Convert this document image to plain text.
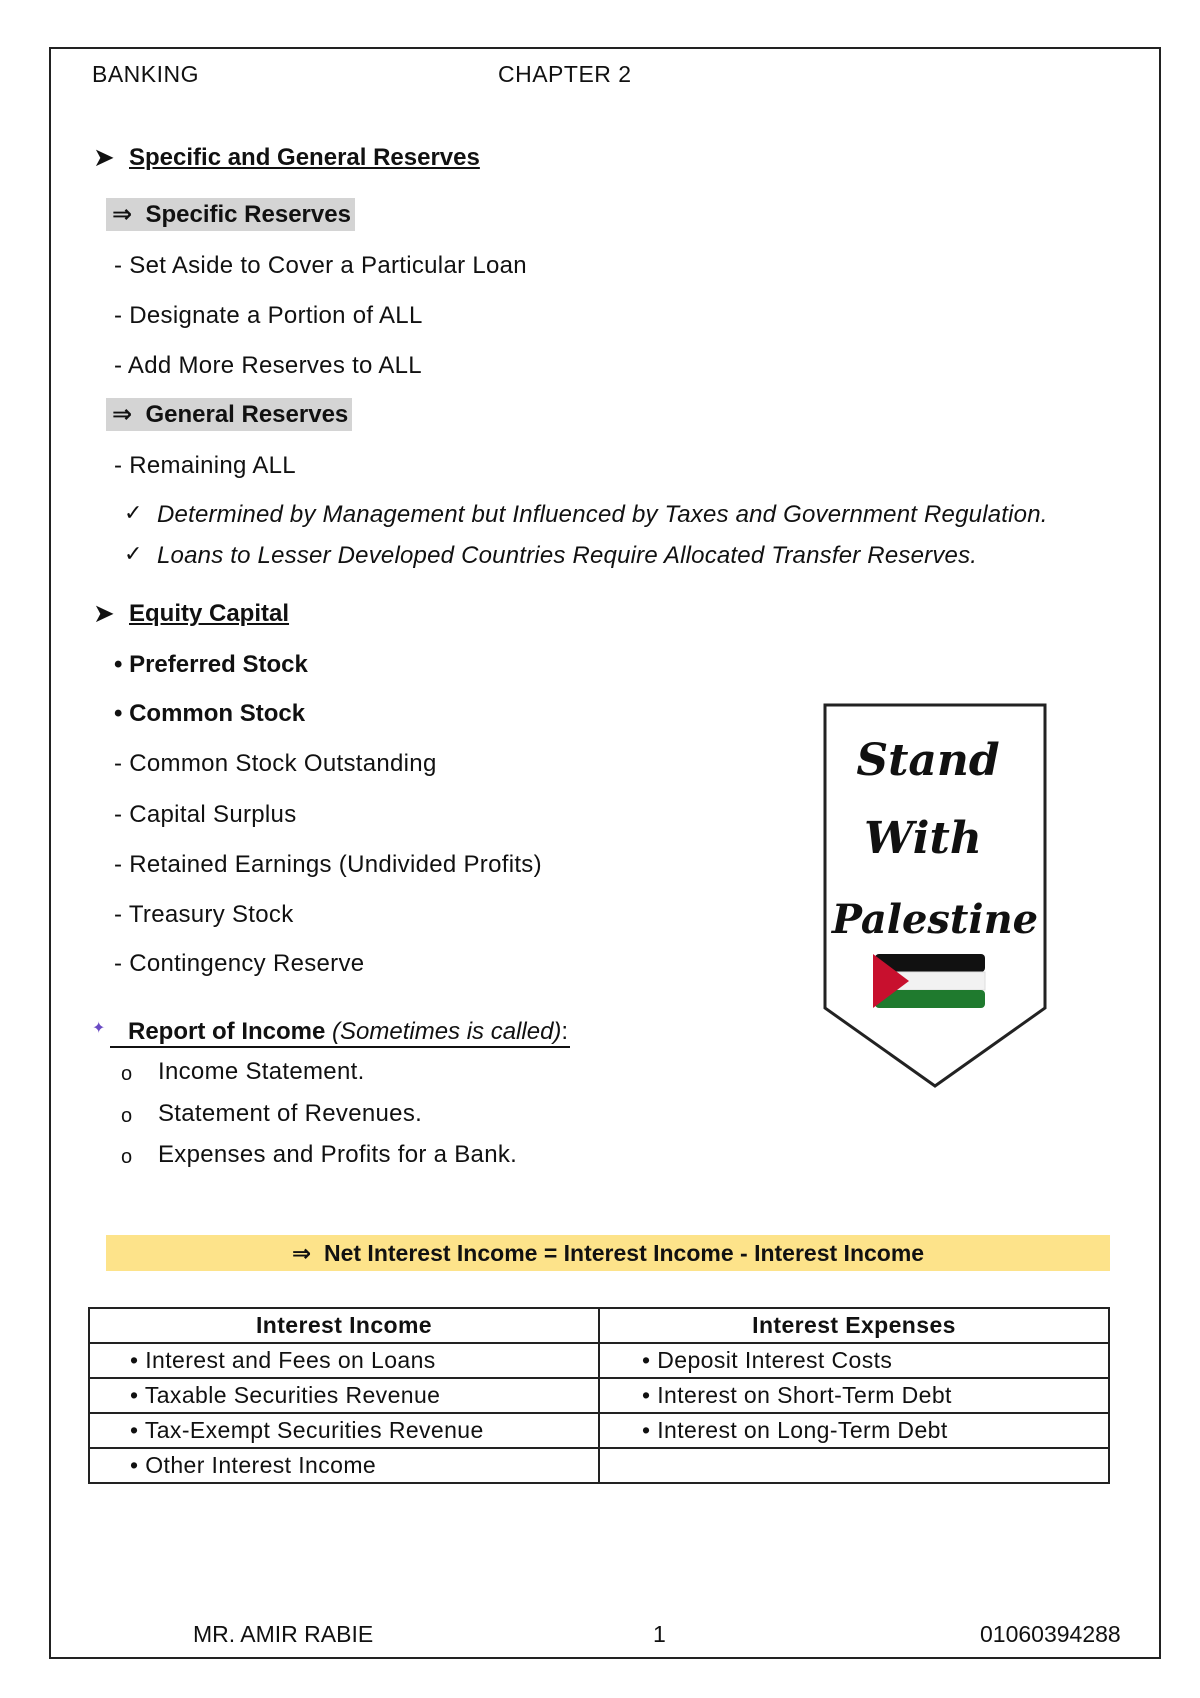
BANKING	CHAPTER 2
➤ Specific and General Reserves
⇒ Specific Reserves
- Set Aside to Cover a Particular Loan
- Designate a Portion of ALL
- Add More Reserves to ALL
⇒ General Reserves
- Remaining ALL
✓ Determined by Management but Influenced by Taxes and Government Regulation.
✓ Loans to Lesser Developed Countries Require Allocated Transfer Reserves.
➤ Equity Capital
• Preferred Stock
• Common Stock
- Common Stock Outstanding
- Capital Surplus
- Retained Earnings (Undivided Profits)
- Treasury Stock
- Contingency Reserve
✦ Report of Income (Sometimes is called):
o Income Statement.
o Statement of Revenues.
o Expenses and Profits for a Bank.
⇒ Net Interest Income = Interest Income - Interest Income
Interest Income	Interest Expenses
• Interest and Fees on Loans	• Deposit Interest Costs
• Taxable Securities Revenue	• Interest on Short-Term Debt
• Tax-Exempt Securities Revenue	• Interest on Long-Term Debt
• Other Interest Income	
Stand
With
Palestine
MR. AMIR RABIE	1	01060394288
